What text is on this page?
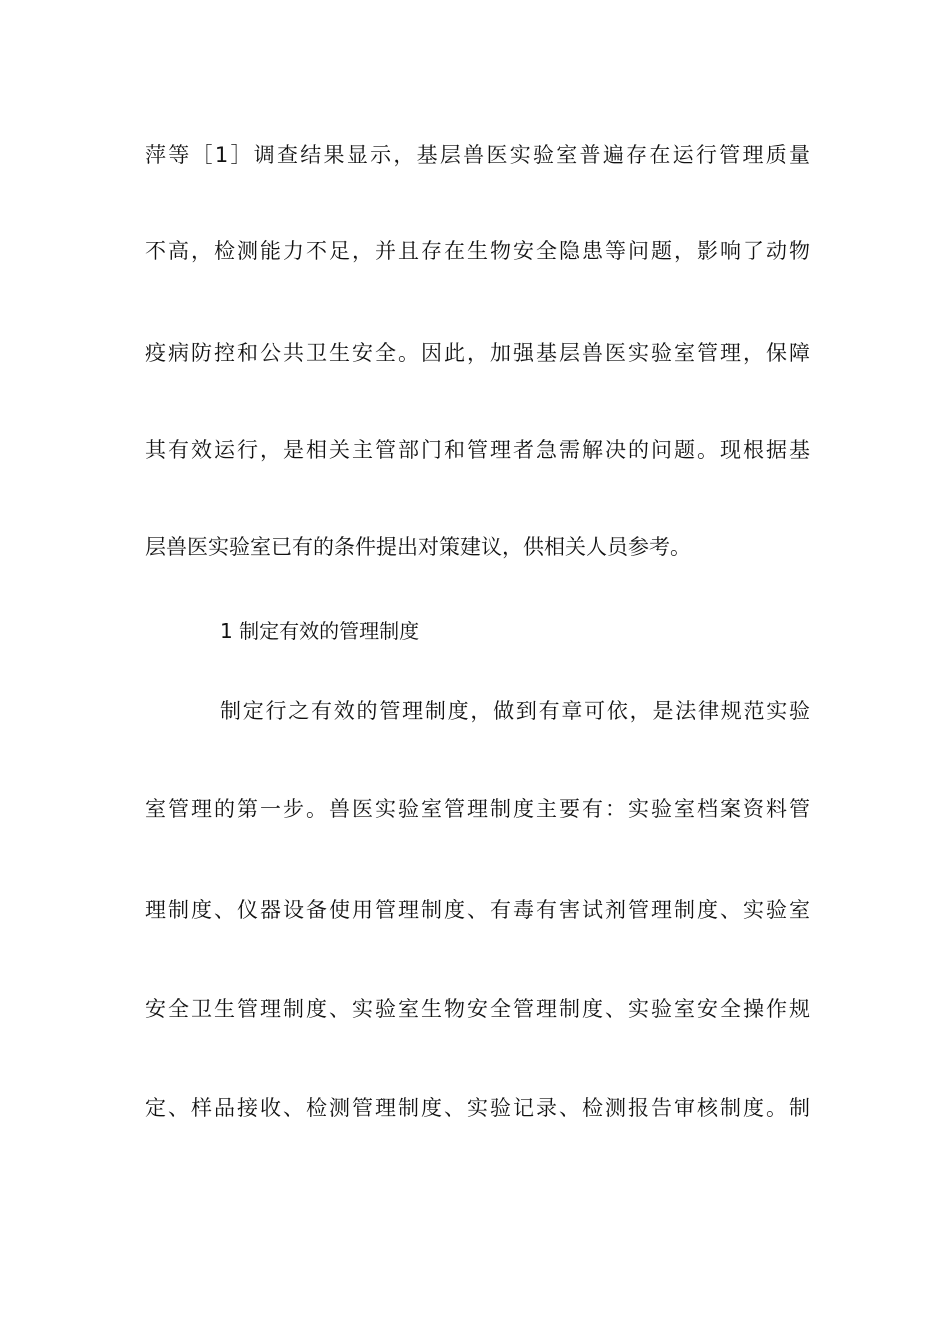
萍等［1］调查结果显示，基层兽医实验室普遍存在运行管理质量
不高，检测能力不足，并且存在生物安全隐患等问题，影响了动物
疫病防控和公共卫生安全。因此，加强基层兽医实验室管理，保障
其有效运行，是相关主管部门和管理者急需解决的问题。现根据基
层兽医实验室已有的条件提出对策建议，供相关人员参考。
1 制定有效的管理制度
制定行之有效的管理制度，做到有章可依，是法律规范实验
室管理的第一步。兽医实验室管理制度主要有：实验室档案资料管
理制度、仪器设备使用管理制度、有毒有害试剂管理制度、实验室
安全卫生管理制度、实验室生物安全管理制度、实验室安全操作规
定、样品接收、检测管理制度、实验记录、检测报告审核制度。制
